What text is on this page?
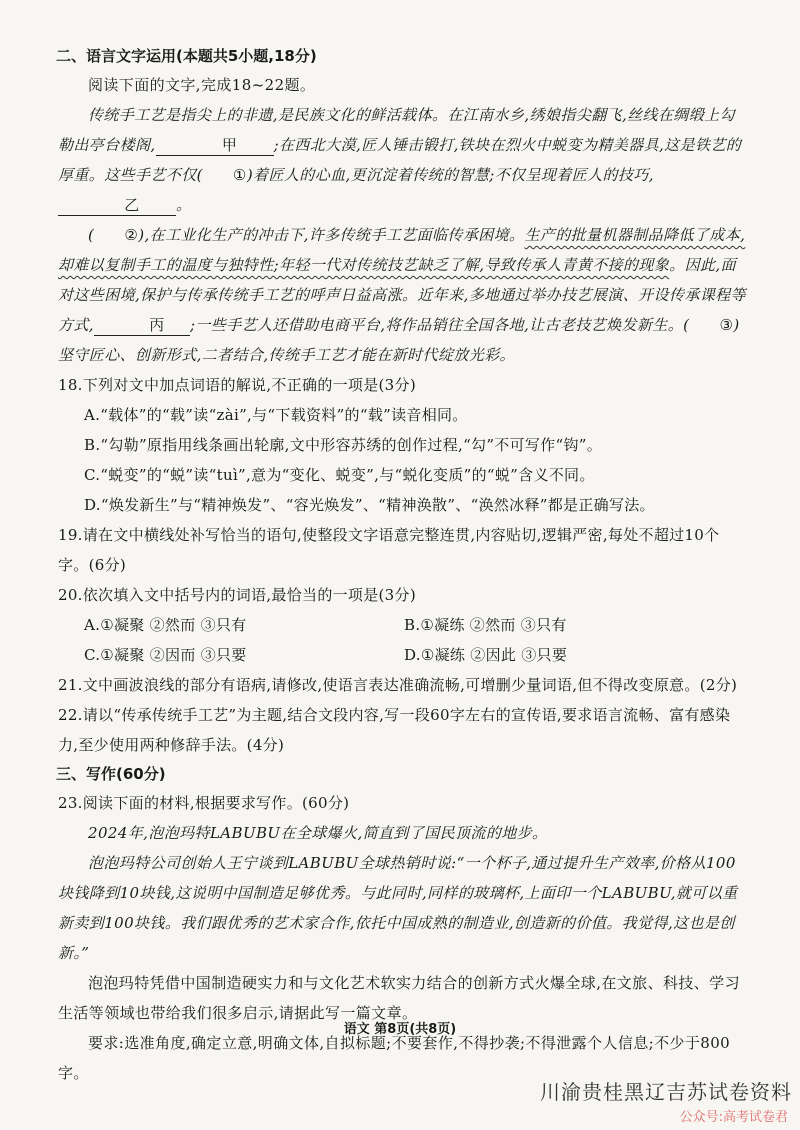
二、语言文字运用(本题共5小题,18分)
阅读下面的文字,完成18~22题。
传统手工艺是指尖上的非遗,是民族文化的鲜活载体。在江南水乡,绣娘指尖翻飞,丝线在绸缎上勾勒出亭台楼阁,	甲 ;在西北大漠,匠人锤击锻打,铁块在烈火中蜕变为精美器具,这是铁艺的厚重。这些手艺不仅( ①)着匠人的心血,更沉淀着传统的智慧;不仅呈现着匠人的技巧,乙 。
( ②),在工业化生产的冲击下,许多传统手工艺面临传承困境。生产的批量机器制品降低了成本,却难以复制手工的温度与独特性;年轻一代对传统技艺缺乏了解,导致传承人青黄不接的现象。因此,面对这些困境,保护与传承传统手工艺的呼声日益高涨。近年来,多地通过举办技艺展演、开设传承课程等方式,	丙 ;一些手艺人还借助电商平台,将作品销往全国各地,让古老技艺焕发新生。( ③)坚守匠心、创新形式,二者结合,传统手工艺才能在新时代绽放光彩。
18.下列对文中加点词语的解说,不正确的一项是(3分)
A.“载体”的“载”读“zài”,与“下载资料”的“载”读音相同。
B.“勾勒”原指用线条画出轮廓,文中形容苏绣的创作过程,“勾”不可写作“钩”。
C.“蜕变”的“蜕”读“tuì”,意为“变化、蜕变”,与“蜕化变质”的“蜕”含义不同。
D.“焕发新生”与“精神焕发”、“容光焕发”、“精神涣散”、“涣然冰释”都是正确写法。
19.请在文中横线处补写恰当的语句,使整段文字语意完整连贯,内容贴切,逻辑严密,每处不超过10个字。(6分)
20.依次填入文中括号内的词语,最恰当的一项是(3分)
A.①凝聚 ②然而 ③只有	B.①凝练 ②然而 ③只有
C.①凝聚 ②因而 ③只要	D.①凝练 ②因此 ③只要
21.文中画波浪线的部分有语病,请修改,使语言表达准确流畅,可增删少量词语,但不得改变原意。(2分)
22.请以“传承传统手工艺”为主题,结合文段内容,写一段60字左右的宣传语,要求语言流畅、富有感染力,至少使用两种修辞手法。(4分)
三、写作(60分)
23.阅读下面的材料,根据要求写作。(60分)
2024年,泡泡玛特LABUBU在全球爆火,简直到了国民顶流的地步。
泡泡玛特公司创始人王宁谈到LABUBU全球热销时说:“一个杯子,通过提升生产效率,价格从100块钱降到10块钱,这说明中国制造足够优秀。与此同时,同样的玻璃杯,上面印一个LABUBU,就可以重新卖到100块钱。我们跟优秀的艺术家合作,依托中国成熟的制造业,创造新的价值。我觉得,这也是创新。”
泡泡玛特凭借中国制造硬实力和与文化艺术软实力结合的创新方式火爆全球,在文旅、科技、学习生活等领域也带给我们很多启示,请据此写一篇文章。
要求:选准角度,确定立意,明确文体,自拟标题;不要套作,不得抄袭;不得泄露个人信息;不少于800字。
语文 第8页(共8页)
川渝贵桂黑辽吉苏试卷资料
公众号:高考试卷君
